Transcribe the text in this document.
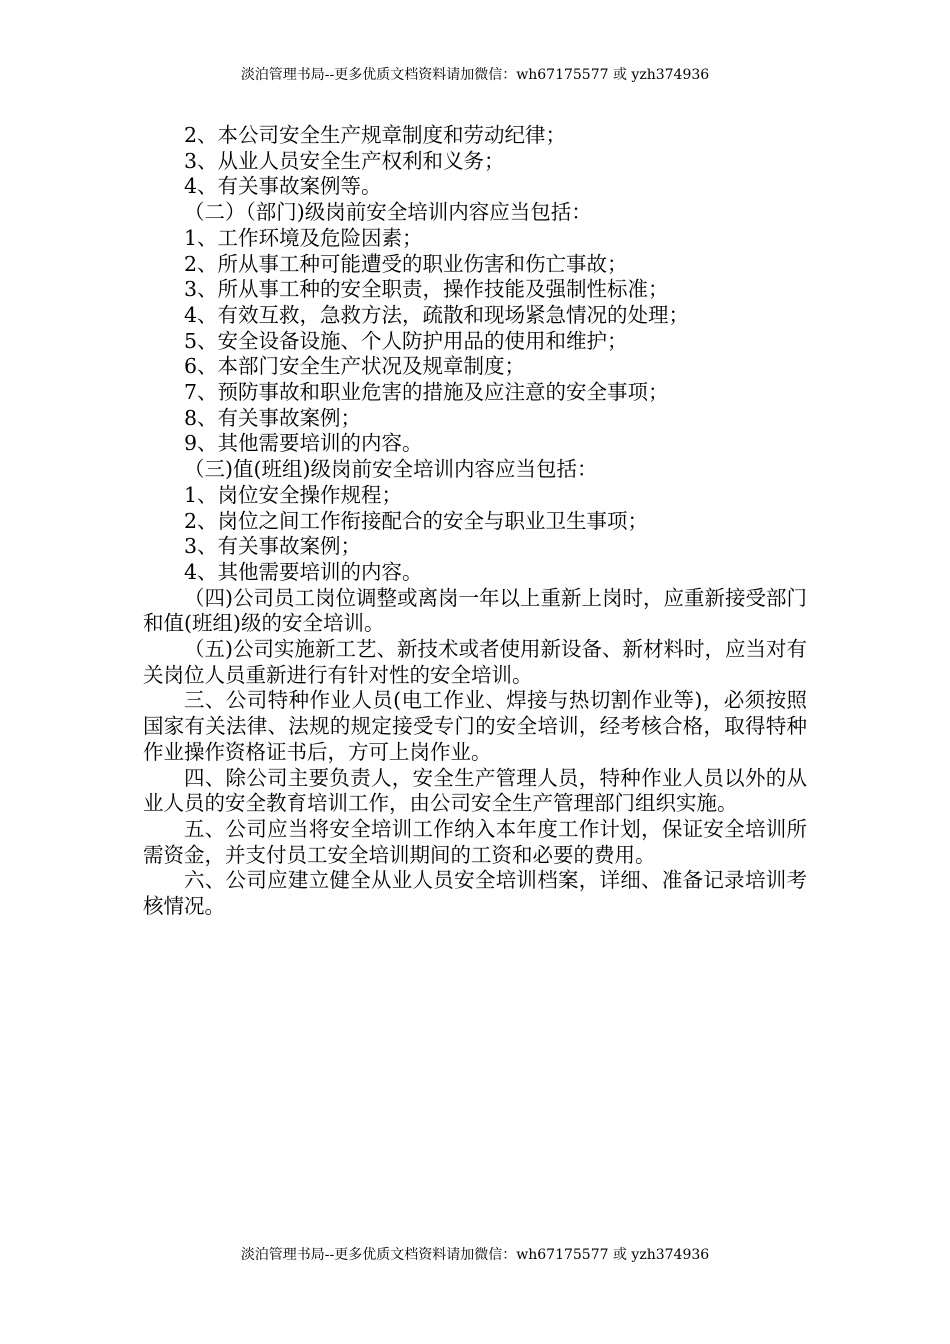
淡泊管理书局--更多优质文档资料请加微信：wh67175577 或 yzh374936

2、本公司安全生产规章制度和劳动纪律；

3、从业人员安全生产权利和义务；

4、有关事故案例等。

（二）（部门)级岗前安全培训内容应当包括：

1、工作环境及危险因素；

2、所从事工种可能遭受的职业伤害和伤亡事故；

3、所从事工种的安全职责，操作技能及强制性标准；

4、有效互救，急救方法，疏散和现场紧急情况的处理；

5、安全设备设施、个人防护用品的使用和维护；

6、本部门安全生产状况及规章制度；

7、预防事故和职业危害的措施及应注意的安全事项；

8、有关事故案例；

9、其他需要培训的内容。

（三)值(班组)级岗前安全培训内容应当包括：

1、岗位安全操作规程；

2、岗位之间工作衔接配合的安全与职业卫生事项；

3、有关事故案例；

4、其他需要培训的内容。

（四)公司员工岗位调整或离岗一年以上重新上岗时，应重新接受部门和值(班组)级的安全培训。

（五)公司实施新工艺、新技术或者使用新设备、新材料时，应当对有关岗位人员重新进行有针对性的安全培训。

三、公司特种作业人员(电工作业、焊接与热切割作业等)，必须按照国家有关法律、法规的规定接受专门的安全培训，经考核合格，取得特种作业操作资格证书后，方可上岗作业。

四、除公司主要负责人，安全生产管理人员，特种作业人员以外的从业人员的安全教育培训工作，由公司安全生产管理部门组织实施。

五、公司应当将安全培训工作纳入本年度工作计划，保证安全培训所需资金，并支付员工安全培训期间的工资和必要的费用。

六、公司应建立健全从业人员安全培训档案，详细、准备记录培训考核情况。

淡泊管理书局--更多优质文档资料请加微信：wh67175577 或 yzh374936
